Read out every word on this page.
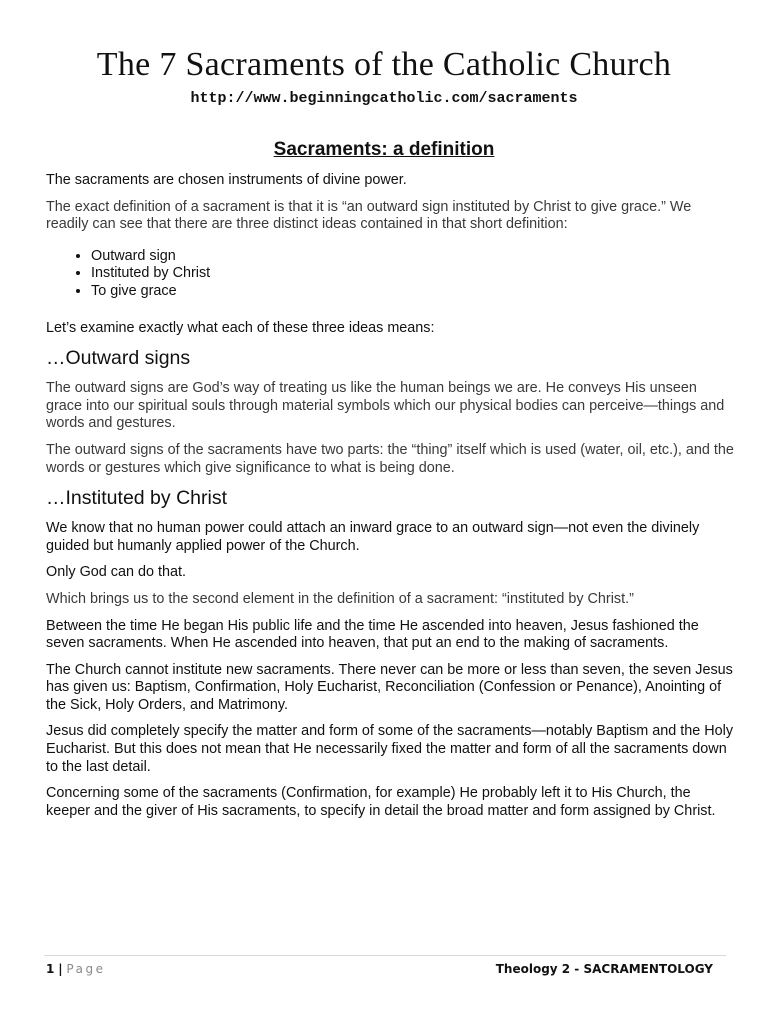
The 7 Sacraments of the Catholic Church
http://www.beginningcatholic.com/sacraments
Sacraments: a definition

The sacraments are chosen instruments of divine power.

The exact definition of a sacrament is that it is “an outward sign instituted by Christ to give grace.” We readily can see that there are three distinct ideas contained in that short definition:

• Outward sign
• Instituted by Christ
• To give grace

Let’s examine exactly what each of these three ideas means:

…Outward signs

The outward signs are God’s way of treating us like the human beings we are. He conveys His unseen grace into our spiritual souls through material symbols which our physical bodies can perceive—things and words and gestures.

The outward signs of the sacraments have two parts: the “thing” itself which is used (water, oil, etc.), and the words or gestures which give significance to what is being done.

…Instituted by Christ

We know that no human power could attach an inward grace to an outward sign—not even the divinely guided but humanly applied power of the Church.

Only God can do that.

Which brings us to the second element in the definition of a sacrament: “instituted by Christ.”

Between the time He began His public life and the time He ascended into heaven, Jesus fashioned the seven sacraments. When He ascended into heaven, that put an end to the making of sacraments.

The Church cannot institute new sacraments. There never can be more or less than seven, the seven Jesus has given us: Baptism, Confirmation, Holy Eucharist, Reconciliation (Confession or Penance), Anointing of the Sick, Holy Orders, and Matrimony.

Jesus did completely specify the matter and form of some of the sacraments—notably Baptism and the Holy Eucharist. But this does not mean that He necessarily fixed the matter and form of all the sacraments down to the last detail.

Concerning some of the sacraments (Confirmation, for example) He probably left it to His Church, the keeper and the giver of His sacraments, to specify in detail the broad matter and form assigned by Christ.

1 | Page	Theology 2 - SACRAMENTOLOGY
